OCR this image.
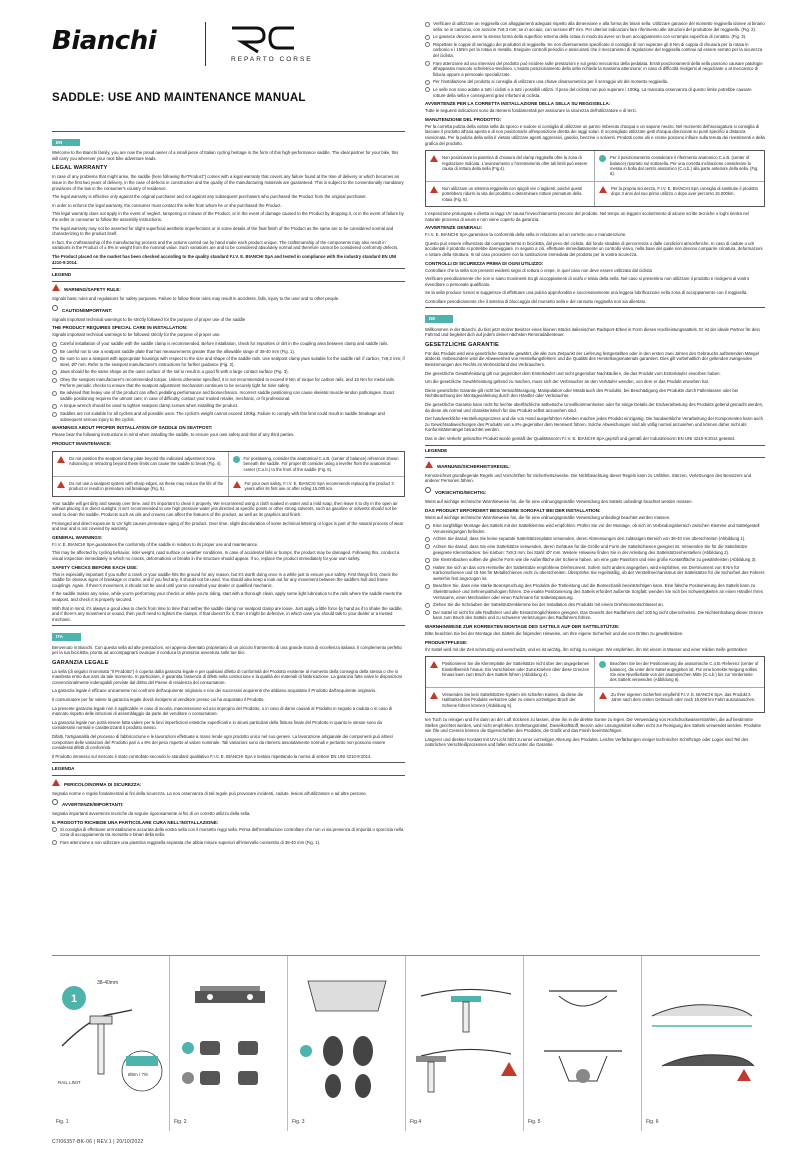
Bianchi
REPARTO CORSE
SADDLE: USE AND MAINTENANCE MANUAL
EN

Welcome to the Bianchi family, you are now the proud owner of a small piece of Italian cycling heritage in the form of this high-performance saddle. The ideal partner for your bike, this will carry you wherever your next bike adventure leads.

LEGAL WARRANTY

In case of any problems that might arise, the saddle (here following the"Product") comes with a legal warranty that covers any failure found at the time of delivery or which becomes an issue in the first two years of delivery, in the case of defects in construction and the quality of the manufacturing materials are guaranteed. This is subject to the conventionally mandatory provisions of the law in the consumer's country of residence.

The legal warranty is effective only against the original purchaser and not against any subsequent purchasers who purchased the Product from the original purchaser.

In order to enforce the legal warranty, the consumer must contact the seller from whom he or she purchased the Product.

This legal warranty does not apply in the event of neglect, tampering or misuse of the Product, or in the event of damage caused to the Product by dropping it, or in the event of failure by the seller or consumer to follow the assembly instructions.

The legal warranty may not be asserted for slight superficial aesthetic imperfections or in some details of the final finish of the Product as the same are to be considered normal and characterizing to the product itself.

In fact, the craftsmanship of the manufacturing process and the actions carried out by hand make each product unique. The craftsmanship of the components may also result in variations in the Product of ± 8% in weight from the nominal value. Such variations are and to be considered absolutely normal and therefore cannot be considered conformity defects.

The Product placed on the market has been checked according to the quality standard F.I.V. E. BIANCHI SpA and tested in compliance with the industry standard EN UNI 4210-9:2014.

LEGEND
WARNING/SAFETY RULE:

Signals basic rules and regulations for safety purposes. Failure to follow these rules may result in accidents, falls, injury to the user and to other people.

CAUTION/IMPORTANT:

Signals important technical warnings to be strictly followed for the purpose of proper use of the saddle

THE PRODUCT REQUIRES SPECIAL CARE IN INSTALLATION:

Signals important technical warnings to be followed strictly for the purpose of proper use.

Careful installation of your saddle with the saddle clamp is recommended. Before installation, check for impurities or dirt in the coupling area between clamp and saddle rails.
Be careful not to use a seatpost saddle plate that has measurements greater than the allowable range of 38-40 mm (Fig. 1).
Be sure to use a seatpost with appropriate housings with respect to the size and shape of the saddle rails. Use seatpost clamp jaws suitable for the saddle rail: if carbon, 7x9,3 mm; if steel, Ø7 mm. Refer to the seatpost manufacturer's instructions for further guidance (Fig. 2).
Jaws should be the same shape as the outer surface of the rail to result in a good fit with a large contact surface (Fig. 3).
Obey the seatpost manufacturer's recommended torque. Unless otherwise specified, it is not recommended to exceed 8 Nm of torque for carbon rails, and 15 Nm for metal rails. Perform periodic checks to ensure that the seatpost adjustment mechanism continues to be securely tight for rider safety.
Be advised that heavy use of the product can affect pedalling performance and biomechanics. Incorrect saddle positioning can cause skeletal muscle-tendon pathologies. Exact saddle positioning requires the utmost care; in case of difficulty, contact your trusted retailer, mechanic, or fit professional.
A torque wrench should be used to tighten seatpost clamp screws when installing the product.
Saddles are not suitable for all cyclists and all possible uses. The cyclist's weight cannot exceed 100kg. Failure to comply with this limit could result in saddle breakage and subsequent serious injury to the cyclist.
WARNINGS ABOUT PROPER INSTALLATION OF SADDLE ON SEATPOST:

Please bear the following instructions in mind when installing the saddle, to ensure your own safety and that of any third parties.

PRODUCT MAINTENANCE:
Do not position the seatpost clamp plate beyond the indicated adjustment zone. Advancing or retracting beyond these limits can cause the saddle to break (Fig. 4).
For positioning, consider the anatomical C.o.B. (center of balance) reference shown beneath the saddle. For proper tilt consider using a leveller from the anatomical center (C.o.b.) to the front of the saddle (Fig. 6).
Do not use a seatpost system with sharp edges, as these may reduce the life of the product or result in premature rail breakage (Fig. 5).
For your own safety, F.I.V. E. BIANCHI SpA recommends replacing the product 3 years after its first use or after riding 15.000 km.

Your saddle will get dirty and sweaty over time, and it's important to clean it properly. We recommend using a cloth soaked in water and a mild soap, then leave it to dry in the open air without placing it in direct sunlight. It isn't recommended to use high pressure water jets directed at specific points or other strong solvents, such as gasoline or solvents should not be used to clean the saddle. Products such as oils and creams can affect the features of the product, as well as its graphics and finish.

Prolonged and direct exposure to UV light causes premature aging of the product. Over time, slight discoloration of some technical lettering or logos is part of the natural process of wear and tear and is not covered by warranty.

GENERAL WARNINGS:

F.I.V. E. BIANCHI SpA guarantees the conformity of the saddle in relation to its proper use and maintenance.

This may be affected by cycling behavior, rider weight, road surface or weather conditions. In case of accidental falls or bumps, the product may be damaged. Following this, conduct a visual inspection immediately in which no cracks, deformations or breaks in the structure should appear. If so, replace the product immediately for your own safety.

SAFETY CHECKS BEFORE EACH USE:

This is especially important if you suffer a crash or your saddle hits the ground for any reason, but it's worth doing once in a while just to ensure your safety. First things first, check the saddle for obvious signs of breakage or cracks, and if you find any, it should not be used. You should also keep a look out for any movement between the saddle's hull and frame couplings. Again, if there's movement, it should not be used until you've consulted your dealer or qualified mechanic.

If the saddle makes any noise, while you're performing your checks or while you're riding, start with a thorough clean, apply some light lubrication to the rails where the saddle meets the seatpost, and check it is properly secured.

With that in mind, it's always a good idea to check from time to time that neither the saddle clamp nor seatpost clamp are loose. Just apply a little force by hand as if to shake the saddle, and if there's any movement or sound, then you'll need to tighten the clamps. If that doesn't fix it, then it might be defective, in which case you should talk to your dealer or a trusted mechanic.

ITA

Benvenuto in Bianchi. Con questa sella ad alte prestazioni, sei appena diventato proprietario di un piccolo frammento di una grande storia di eccellenza italiana. Il complemento perfetto per la tua bicicletta, pronta ad accompagnarti ovunque ti conduca la prossima avventura sulle tue bici.

GARANZIA LEGALE

La sella (di seguito rinominata "Il Prodotto") è coperta dalla garanzia legale e per qualsiasi difetto di conformità del Prodotto esistente al momento della consegna della stessa o che si manifesta entro due anni da tale momento. In particolare, è garantita l'assenza di difetti nella costruzione e la qualità dei materiali di fabbricazione. La garanzia fatte salve le disposizioni convenzionalmente inderogabili previste dal diritto del Paese di residenza del consumatore.

La garanzia legale è efficace unicamente nei confronti dell'acquirente originario e non dei successivi acquirenti che abbiano acquistato il Prodotto dall'acquirente originario.

Il consumatore per far valere la garanzia legale dovrà rivolgersi al venditore presso cui ha acquistato il Prodotto.

La presente garanzia legale non è applicabile in caso di incuria, manomissione ed uso improprio del Prodotto, o in caso di danni causati al Prodotto in seguito a caduta o in caso di mancato rispetto delle istruzioni di assemblaggio da parte del venditore o consumatore.

La garanzia legale non potrà essere fatta valere per le lievi imperfezioni estetiche superficiali e in alcuni particolari della finitura finale del Prodotto in quanto le stesse sono da considerarsi normali e caratterizzanti il prodotto stesso.

Difatti, l'artigianalità del processo di fabbricazione e le lavorazioni effettuate a mano rende ogni prodotto unico nel suo genere. La lavorazione artigianale dei componenti può altresì comportare delle variazioni del Prodotto pari a ± 8% del peso rispetto al valore nominale. Tali variazioni sono da ritenersi assolutamente normali e pertanto non possono essere considerati difetti di conformità.

Il Prodotto immesso sul mercato è stato controllato secondo lo standard qualitativo F.I.V. E. BIANCHI SpA e testato rispettando la norma di settore EN UNI 4210-9:2014.

LEGENDA
PERICOLO/NORMA DI SICUREZZA:

Segnala norme e regole fondamentali ai fini della sicurezza. La non osservanza di tali regole può provocare incidenti, cadute, lesioni all'utilizzatore e ad altre persone.

AVVERTENZE/IMPORTANTI:

Segnala importanti avvertenze tecniche da seguire rigorosamente ai fini di un corretto utilizzo della sella.

IL PRODOTTO RICHIEDE UNA PARTICOLARE CURA NELL'INSTALLAZIONE:
Si consiglia di effettuare un'installazione accurata della vostra sella con il morsetto reggi sella. Prima dell'installazione controllare che non vi sia presenza di impurità o sporcizia nella zona di accoppiamento tra morsetto e binari della sella.
Fare attenzione a non utilizzare una piastrina reggisella separata che abbia misure superiori all'intervallo consentito di 38-40 mm (Fig. 1).
Verificare di utilizzare un reggisella con alloggiamenti adeguati rispetto alla dimensione e alla forma dei binari sella. Utilizzare ganasce del morsetto reggisella idonee al binario sella: se in carbonio, con sezione 7x9,3 mm; se in acciaio, con sezione Ø7 mm. Per ulteriori indicazioni fare riferimento alle istruzioni del produttore del reggisella. (Fig. 2).
Le ganasce devono avere la stessa forma della superficie esterna della rotaia in modo da avere un buon accoppiamento con un'ampia superficie di contatto. (Fig. 3).
Rispettare le coppie di serraggio dei produttori di reggisella. Se non diversamente specificato si consiglia di non superare gli 8 Nm di coppia di chiusura per la rotaia in carbonio e i 15Nm per la rotaia in metallo. Eseguire controlli periodici e assicurarsi che il meccanismo di regolazione del reggisella continui ad essere serrato per la sicurezza del ciclista.
Fare attenzione ad uso intensivo del prodotto può incidere sulle prestazioni e sul gesto meccanico della pedalata. Errati posizionamenti della sella possono causare patologie all'apparato muscolo scheletrico-tendineo. L'esatto posizionamento della sella richiede la massima attenzione; in caso di difficoltà rivolgersi al negoziante o al meccanico di fiducia oppure a personale specializzato.
Per l'installazione del prodotto si consiglia di utilizzare una chiave dinamometrica per il serraggio viti del morsetto reggisella.
Le selle non sono adatte a tutti i ciclisti e a tutti i possibili utilizzi. Il peso del ciclista non può superare i 100kg. La mancata osservanza di questo limite potrebbe causare rotture della sella e conseguenti gravi infortuni al ciclista.
AVVERTENZE PER LA CORRETTA INSTALLAZIONE DELLA SELLA SU REGGISELLA:

Tutte le seguenti indicazioni sono da ritenersi fondamentali per assicurare la sicurezza dell'utilizzatore e di terzi.

MANUTENZIONE DEL PRODOTTO:

Per la corretta pulizia della vostra sella da sporco e sudore si consiglia di utilizzare un panno imbevuto d'acqua e un sapone neutro. Nel momento dell'asciugatura si consiglia di lasciare il prodotto all'aria aperta e di non posizionarlo all'esposizione diretta dei raggi solari. È sconsigliato utilizzare getti d'acqua direzionati su punti specifici a distanza ravvicinata. Per la pulizia della sella è vietato utilizzare agenti aggressivi, gasolio, benzine o solventi. Prodotti come olii e creme possono influire sulla tenuta dei rivestimenti e della grafica del prodotto.

Non posizionare la piastrina di chiusura del clamp reggisella oltre la zona di regolazione indicata. L'avanzamento o l'arretramento oltre tali limiti può essere causa di rottura della sella (Fig.4).
Per il posizionamento considerare il riferimento anatomico C.o.B. (center of balance) riportato sul sottosella. Per una corretta inclinazione considerare la messa in bolla dal centro anatomico (C.o.b.) alla parte anteriore della sella. (Fig. 6).
Non utilizzare un sistema reggisella con spigoli vivi o taglienti, poiché questi potrebbero ridurre la vita del prodotto o determinare rotture premature della rotaia (Fig. 5).
Per la propria sicurezza, F.I.V. E. BIANCHI SpA consiglia di sostituire il prodotto dopo 3 anni dal suo primo utilizzo o dopo aver percorso 15.000km.

L'esposizione prolungata e diretta ai raggi UV causa l'invecchiamento precoce del prodotto. Nel tempo un leggero scolorimento di alcune scritte tecniche o loghi rientra nel naturale processo di usura e non viene coperto da garanzia.

AVVERTENZE GENERALI:

F.I.V. E. BIANCHI SpA garantisce la conformità della sella in relazione ad un corretto uso e manutenzione.

Questo può essere influenzato dal comportamento in bicicletta, dal peso del ciclista, dal fondo stradale di percorrenza o dalle condizioni atmosferiche. In caso di cadute o urti accidentali il prodotto si potrebbe danneggiare. In seguito a ciò, effettuare immediatamente un controllo visivo, nella base del quale non devono comparire crinatura, deformazioni o rotture della struttura. In tal caso procedere con la sostituzione immediata del prodotto per la vostra sicurezza.

CONTROLLI DI SICUREZZA PRIMA DI OGNI UTILIZZO:

Controllare che la sella non presenti evidenti segni di rottura o crepe, in quel caso non deve essere utilizzata dal ciclista

Verificare periodicamente che non vi siano movimenti tra gli accoppiamenti di scafo e telaio della sella. Nel caso si presentino non utilizzare il prodotto e rivolgersi al vostro rivenditore o personale qualificato.

Se la sella produce rumori si suggerisce di effettuare una pulizia approfondita e successivamente una leggera lubrificazione nella zona di accoppiamento con il reggisella.

Controllare periodicamente che il sistema di bloccaggio del morsetto sella e del cannotto reggisella non sia allentato.

DE

Willkommen in der Bianchi, du bist jetzt stolzer Besitzer eines kleinen Stücks italienischen Radsport-Erbes in Form dieses Hochleistungssattels. Er ist der ideale Partner für dein Fahrrad und begleitet dich auf jedem deiner nächsten Rennradabenteuer.

GESETZLICHE GARANTIE

Für das Produkt wird eine gesetzliche Garantie gewährt, die alle zum Zeitpunkt der Lieferung festgestellten oder in den ersten zwei Jahren des Gebrauchs auftretenden Mängel abdeckt. Insbesondere wird die Abwesenheit von Herstellungsfehlern und die Qualität des Herstellungsmaterials garantiert. Dies gilt vorbehaltlich der geltenden zwingenden Bestimmungen des Rechts im Wohnsitzland des Verbrauchers.

Die gesetzliche Gewährleistung gilt nur gegenüber dem Ersterkäufer und nicht gegenüber Nachkäufern, die das Produkt vom Ersterkäufer erworben haben.

Um die gesetzliche Gewährleistung geltend zu machen, muss sich der Verbraucher an den Verkäufer wenden, von dem er das Produkt erworben hat.

Diese gesetzliche Garantie gilt nicht bei Vernachlässigung, Manipulation oder Missbrauch des Produkts, bei Beschädigung des Produkts durch Fallenlassen oder bei Nichtbeachtung der Montageanleitung durch den Händler oder Verbraucher.

Die gesetzliche Garantie kann nicht für leichte oberflächliche ästhetische Unvollkommenheiten oder für einige Details der Endverarbeitung des Produkts geltend gemacht werden, da diese als normal und charakteristisch für das Produkt selbst anzusehen sind.

Der handwerkliche Herstellungsprozess und die von Hand ausgeführten Arbeiten machen jedes Produkt einzigartig. Die handwerkliche Verarbeitung der Komponenten kann auch zu Gewichtsabweichungen des Produkts von ± 8% gegenüber dem Nennwert führen. Solche Abweichungen sind als völlig normal anzusehen und können daher nicht als Konformitätsmängel betrachtet werden.

Das in den Verkehr gebrachte Produkt wurde gemäß der Qualitätsnorm F.I.V. E. BIANCHI SpA geprüft und gemäß der Industrienorm EN UNI 4210-9:2014 getestet.

LEGENDE
WARNUNG/SICHERHEITSREGEL:

Kennzeichnet grundlegende Regeln und Vorschriften für Sicherheitszwecke. Die Nichtbeachtung dieser Regeln kann zu Unfällen, Stürzen, Verletzungen des Benutzers und anderer Personen führen.

VORSICHTIG/WICHTIG:

Weist auf wichtige technische Warnhinweise hin, die für eine ordnungsgemäße Verwendung des Sattels unbedingt beachtet werden müssen.

DAS PRODUKT ERFORDERT BESONDERE SORGFALT BEI DER INSTALLATION:

Weist auf wichtige technische Warnhinweise hin, die für eine ordnungsgemäße Verwendung unbedingt beachtet werden müssen.

Eine sorgfältige Montage des Sattels mit der Sattelklemme wird empfohlen. Prüfen Sie vor der Montage, ob sich im Verbindungsbereich zwischen Klemme und Sattelgestell Verunreinigungen befinden.
Achten Sie darauf, dass Sie keine separate Sattelstützenplatte verwenden, deren Abmessungen den zulässigen Bereich von 38-40 mm überschreiten (Abbildung 1).
Achten Sie darauf, dass Sie eine Sattelstütze verwenden, deren Gehäuse für die Größe und Form der Sattelschienen geeignet ist. Verwenden Sie für die Sattelstütze geeignete Klemmbacken: bei Karbon: 7x9,3 mm; bei Stahl: Ø7 mm. Weitere Hinweise finden Sie in der Anleitung des Sattelstützenherstellers (Abbildung 2).
Die Klemmbacken sollten die gleiche Form wie die Außenfläche der Schiene haben, um eine gute Passform und eine große Kontaktfläche zu gewährleisten (Abbildung 3).
Halten Sie sich an das vom Hersteller der Sattelstütze empfohlene Drehmoment. Sofern nicht anders angegeben, wird empfohlen, ein Drehmoment von 8 Nm für Karbonschienen und 15 Nm für Metallschienen nicht zu überschreiten. Überprüfen Sie regelmäßig, ob der Verstellmechanismus der Sattelstütze für die Sicherheit des Fahrers weiterhin fest angezogen ist.
Beachten Sie, dass eine starke Beanspruchung des Produkts die Tretleistung und die Biomechanik beeinträchtigen kann. Eine falsche Positionierung des Sattels kann zu Skelettmuskel- und Sehnenpathologien führen. Die exakte Positionierung des Sattels erfordert äußerste Sorgfalt; wenden Sie sich bei Schwierigkeiten an einen Händler Ihres Vertrauens, einen Mechaniker oder einen Fachmann für Sattelanpassung.
Ziehen Sie die Schrauben der Sattelstützenklemme bei der Installation des Produkts mit einem Drehmomentschlüssel an.
Der Sattel ist nicht für alle Radfahrer und alle Einsatzmöglichkeiten geeignet. Das Gewicht des Radfahrers darf 100 kg nicht überschreiten. Die Nichteinhaltung dieser Grenze kann zum Bruch des Sattels und zu schweren Verletzungen des Radfahrers führen.
WARNHINWEISE ZUR KORREKTEN MONTAGE DES SATTELS AUF DER SATTELSTÜTZE:

Bitte beachten Sie bei der Montage des Sattels die folgenden Hinweise, um Ihre eigene Sicherheit und die von Dritten zu gewährleisten.

PRODUKTPFLEGE:

Ihr Sattel wird mit der Zeit schmutzig und verschwitzt, und es ist wichtig, ihn richtig zu reinigen. Wir empfehlen, ihn mit einem in Wasser und einer milden Seife getränkten

Positionieren Sie die Klemmplatte der Sattelstütze nicht über den angegebenen Einstellbereich hinaus. Ein Vorschieben oder Zurückziehen über diese Grenzen hinaus kann zum Bruch des Sattels führen (Abbildung 4).
Beachten Sie bei der Positionierung die anatomische C.o.B.-Referenz (center of balance), die unter dem Sattel angegeben ist. Für eine korrekte Neigung sollten Sie eine Nivellierlatte von der anatomischen Mitte (C.o.b.) bis zur Vorderseite des Sattels verwenden (Abbildung 6).
Verwenden Sie kein Sattelstützen-System mit scharfen Kanten, da diese die Haltbarkeit des Produkts verkürzen oder zu einem vorzeitigen Bruch der Schiene führen können (Abbildung 5).
Zu Ihrer eigenen Sicherheit empfiehlt F.I.V. E. BIANCHI SpA, das Produkt 3 Jahre nach dem ersten Gebrauch oder nach 15.000 km Fahrt auszutauschen.

ten Tuch zu reinigen und ihn dann an der Luft trocknen zu lassen, ohne ihn in die direkte Sonne zu legen. Die Verwendung von Hochdruckwasserstrahlen, die auf bestimmte Stellen gerichtet werden, wird nicht empfohlen. Entfettungsmittel, Dieselkraftstoff, Benzin oder Lösungsmittel sollten nicht zur Reinigung des Sattels verwendet werden. Produkte wie Öle und Cremes können die Eigenschaften des Produkts, die Grafik und das Finish beeinträchtigen.

Längerer und direkter Kontakt mit UV-Licht führt zu einer vorzeitigen Alterung des Produkts. Leichte Verfärbungen einiger technischer Schriftzüge oder Logos sind Teil des natürlichen Verschleißprozesses und fallen nicht unter die Garantie.

1
38-40mm
RAIL LIMIT
Ø8m / 7/8
Fig. 1	Fig. 2	Fig. 3	Fig.4	Fig. 5	Fig. 6
C7I06357-BK-06 | REV.1 | 20/10/2022
